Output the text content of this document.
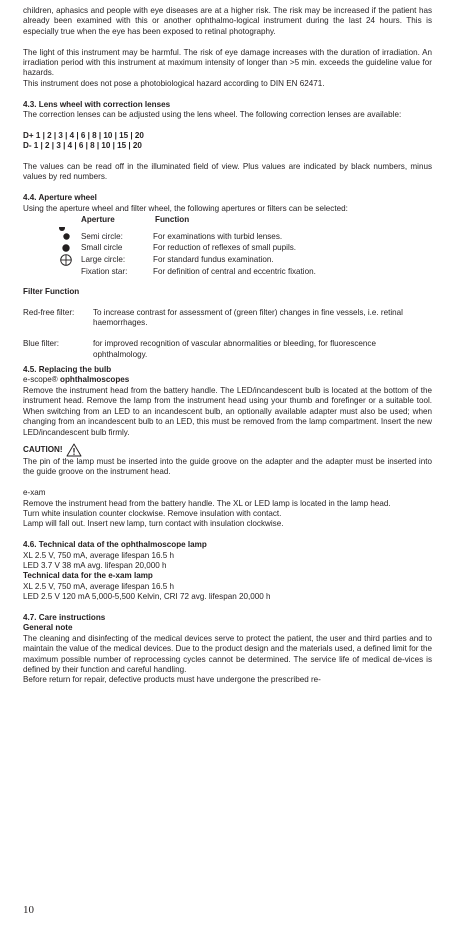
children, aphasics and people with eye diseases are at a higher risk. The risk may be increased if the patient has already been examined with this or another ophthalmo-logical instrument during the last 24 hours. This is especially true when the eye has been exposed to retinal photography.

The light of this instrument may be harmful. The risk of eye damage increases with the duration of irradiation. An irradiation period with this instrument at maximum intensity of longer than >5 min. exceeds the guideline value for hazards.

This instrument does not pose a photobiological hazard according to DIN EN 62471.

4.3. Lens wheel with correction lenses

The correction lenses can be adjusted using the lens wheel. The following correction lenses are available:

D+ 1 | 2 | 3 | 4 | 6 | 8 | 10 | 15 | 20

D- 1 | 2 | 3 | 4 | 6 | 8 | 10 | 15 | 20

The values can be read off in the illuminated field of view. Plus values are indicated by black numbers, minus values by red numbers.

4.4. Aperture wheel

Using the aperture wheel and filter wheel, the following apertures or filters can be selected:

Aperture	Function
Semi circle:	For examinations with turbid lenses.
Small circle	For reduction of reflexes of small pupils.
Large circle:	For standard fundus examination.
Fixation star:	For definition of central and eccentric fixation.
Filter Function
Red-free filter:	To increase contrast for assessment of (green filter) changes in fine vessels, i.e. retinal haemorrhages.
Blue filter:	for improved recognition of vascular abnormalities or bleeding, for fluorescence ophthalmology.
4.5. Replacing the bulb

e-scope® ophthalmoscopes

Remove the instrument head from the battery handle. The LED/incandescent bulb is located at the bottom of the instrument head. Remove the lamp from the instrument head using your thumb and forefinger or a suitable tool. When switching from an LED to an incandescent bulb, an optionally available adapter must also be used; when changing from an incandescent bulb to an LED, this must be removed from the lamp compartment. Insert the new LED/incandescent bulb firmly.

CAUTION!

The pin of the lamp must be inserted into the guide groove on the adapter and the adapter must be inserted into the guide groove on the instrument head.

e-xam

Remove the instrument head from the battery handle. The XL or LED lamp is located in the lamp head.

Turn white insulation counter clockwise. Remove insulation with contact.

Lamp will fall out. Insert new lamp, turn contact with insulation clockwise.

4.6. Technical data of the ophthalmoscope lamp

XL 2.5 V, 750 mA, average lifespan 16.5 h

LED 3.7 V 38 mA avg. lifespan 20,000 h

Technical data for the e-xam lamp

XL 2.5 V, 750 mA, average lifespan 16.5 h

LED 2.5 V 120 mA 5,000-5,500 Kelvin, CRI 72 avg. lifespan 20,000 h

4.7. Care instructions
General note

The cleaning and disinfecting of the medical devices serve to protect the patient, the user and third parties and to maintain the value of the medical devices. Due to the product design and the materials used, a defined limit for the maximum possible number of reprocessing cycles cannot be determined. The service life of medical de-vices is defined by their function and careful handling.

Before return for repair, defective products must have undergone the prescribed re-

10
